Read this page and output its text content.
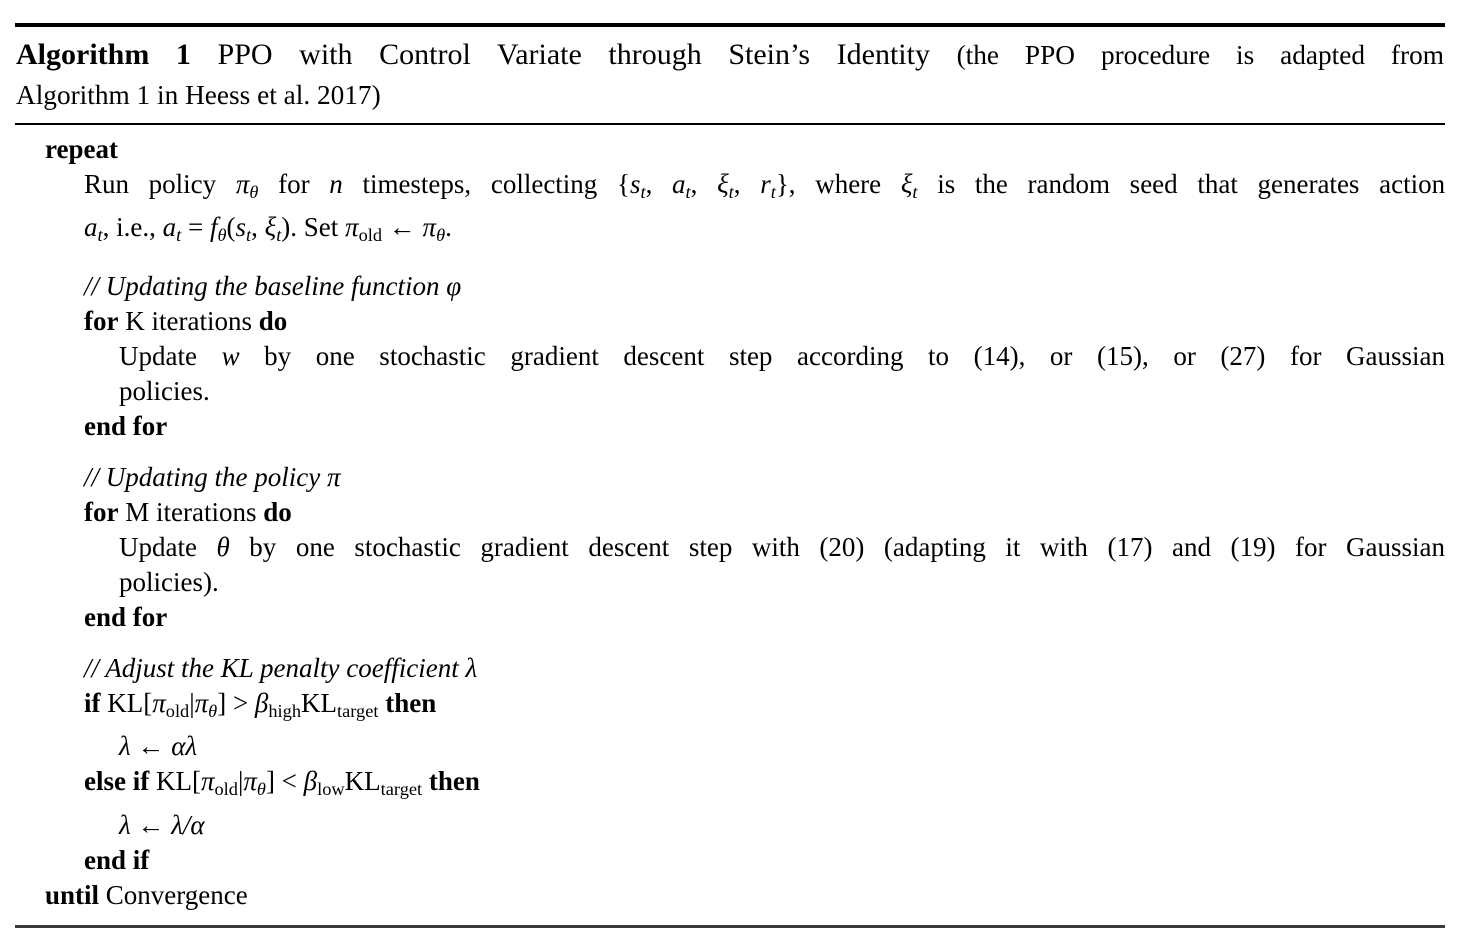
Algorithm 1 PPO with Control Variate through Stein’s Identity (the PPO procedure is adapted from
Algorithm 1 in Heess et al. 2017)
repeat
Run policy πθ for n timesteps, collecting {st, at, ξt, rt}, where ξt is the random seed that generates action
at, i.e., at = fθ(st, ξt). Set πold ← πθ.
// Updating the baseline function φ
for K iterations do
Update w by one stochastic gradient descent step according to (14), or (15), or (27) for Gaussian
policies.
end for
// Updating the policy π
for M iterations do
Update θ by one stochastic gradient descent step with (20) (adapting it with (17) and (19) for Gaussian
policies).
end for
// Adjust the KL penalty coefficient λ
if KL[πold|πθ] > βhighKLtarget then
λ ← αλ
else if KL[πold|πθ] < βlowKLtarget then
λ ← λ/α
end if
until Convergence
